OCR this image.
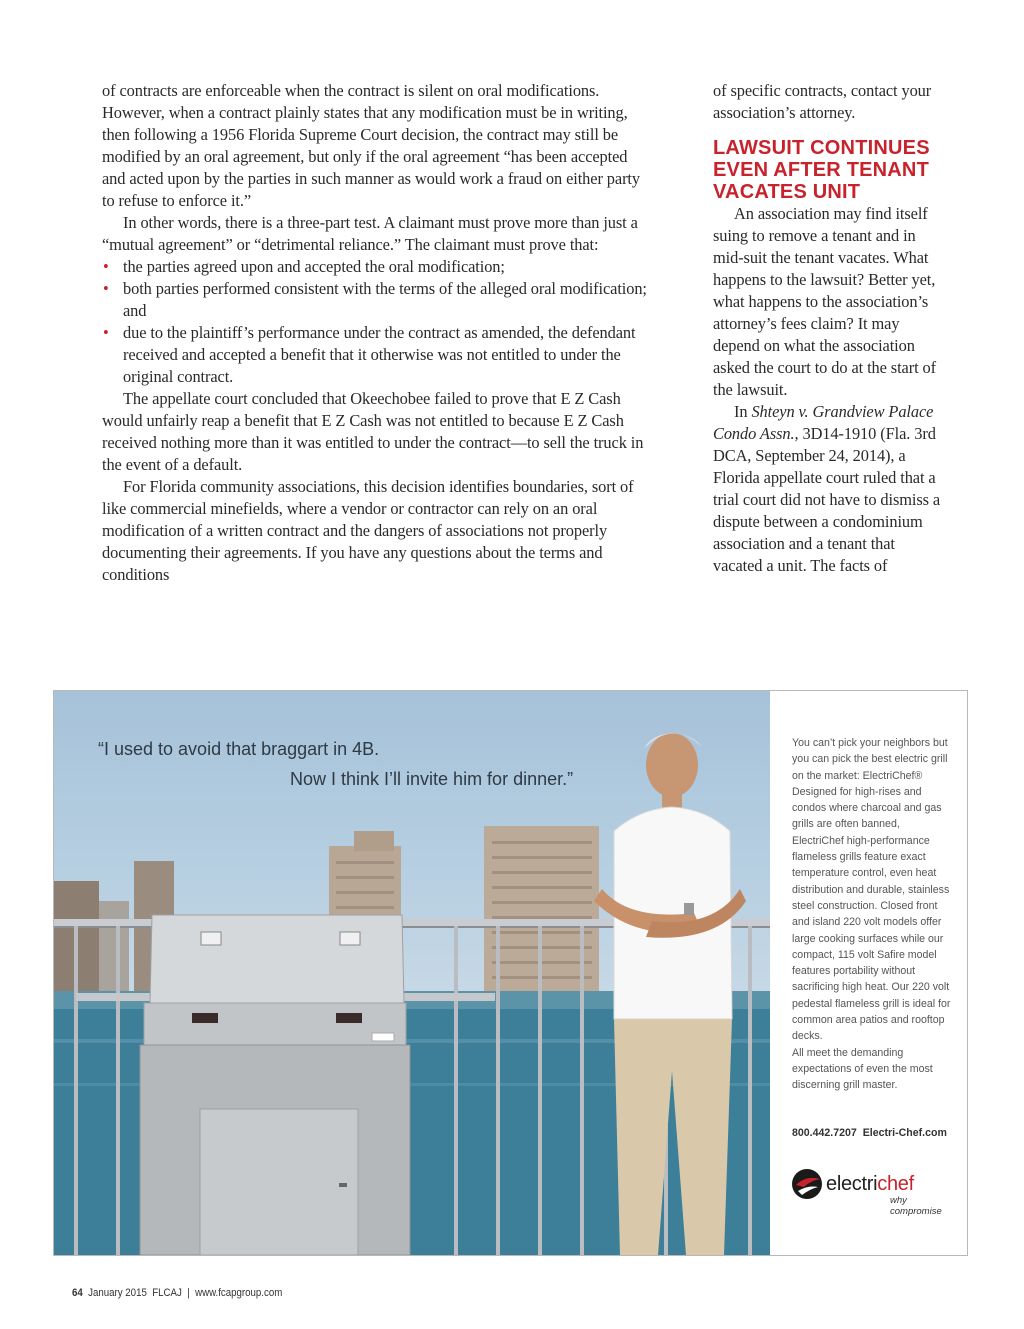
of contracts are enforceable when the contract is silent on oral modifications. However, when a contract plainly states that any modification must be in writing, then following a 1956 Florida Supreme Court decision, the contract may still be modified by an oral agreement, but only if the oral agreement “has been accepted and acted upon by the parties in such manner as would work a fraud on either party to refuse to enforce it.”

In other words, there is a three-part test. A claimant must prove more than just a “mutual agreement” or “detrimental reliance.” The claimant must prove that:

• the parties agreed upon and accepted the oral modification;
• both parties performed consistent with the terms of the alleged oral modification; and
• due to the plaintiff’s performance under the contract as amended, the defendant received and accepted a benefit that it otherwise was not entitled to under the original contract.

The appellate court concluded that Okeechobee failed to prove that E Z Cash would unfairly reap a benefit that E Z Cash was not entitled to because E Z Cash received nothing more than it was entitled to under the contract—to sell the truck in the event of a default.

For Florida community associations, this decision identifies boundaries, sort of like commercial minefields, where a vendor or contractor can rely on an oral modification of a written contract and the dangers of associations not properly documenting their agreements. If you have any questions about the terms and conditions

of specific contracts, contact your association’s attorney.

LAWSUIT CONTINUES EVEN AFTER TENANT VACATES UNIT

An association may find itself suing to remove a tenant and in mid-suit the tenant vacates. What happens to the lawsuit? Better yet, what happens to the association’s attorney’s fees claim? It may depend on what the association asked the court to do at the start of the lawsuit.

In Shteyn v. Grandview Palace Condo Assn., 3D14-1910 (Fla. 3rd DCA, September 24, 2014), a Florida appellate court ruled that a trial court did not have to dismiss a dispute between a condominium association and a tenant that vacated a unit. The facts of

“I used to avoid that braggart in 4B.
Now I think I’ll invite him for dinner.”
You can’t pick your neighbors but you can pick the best electric grill on the market: ElectriChef® Designed for high-rises and condos where charcoal and gas grills are often banned, ElectriChef high-performance flameless grills feature exact temperature control, even heat distribution and durable, stainless steel construction. Closed front and island 220 volt models offer large cooking surfaces while our compact, 115 volt Safire model features portability without sacrificing high heat. Our 220 volt pedestal flameless grill is ideal for common area patios and rooftop decks.
All meet the demanding expectations of even the most discerning grill master.
800.442.7207 Electri-Chef.com
electrichef
why compromise
64 January 2015 FLCAJ | www.fcapgroup.com
